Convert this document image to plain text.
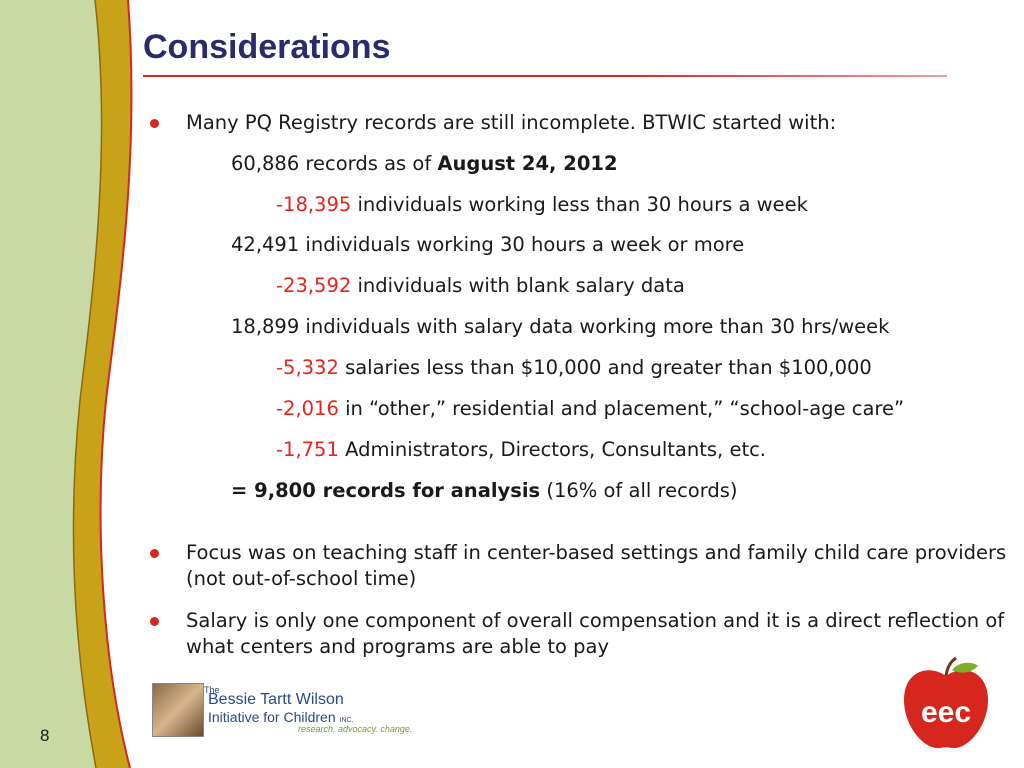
Considerations
Many PQ Registry records are still incomplete. BTWIC started with:
60,886 records as of August 24, 2012
-18,395 individuals working less than 30 hours a week
42,491 individuals working 30 hours a week or more
-23,592 individuals with blank salary data
18,899 individuals with salary data working more than 30 hrs/week
-5,332 salaries less than $10,000 and greater than $100,000
-2,016 in “other,” residential and placement,” “school-age care”
-1,751 Administrators, Directors, Consultants, etc.
= 9,800 records for analysis (16% of all records)
Focus was on teaching staff in center-based settings and family child care providers (not out-of-school time)
Salary is only one component of overall compensation and it is a direct reflection of what centers and programs are able to pay
8
The
Bessie Tartt Wilson
Initiative for Children INC.
research. advocacy. change.	eec
